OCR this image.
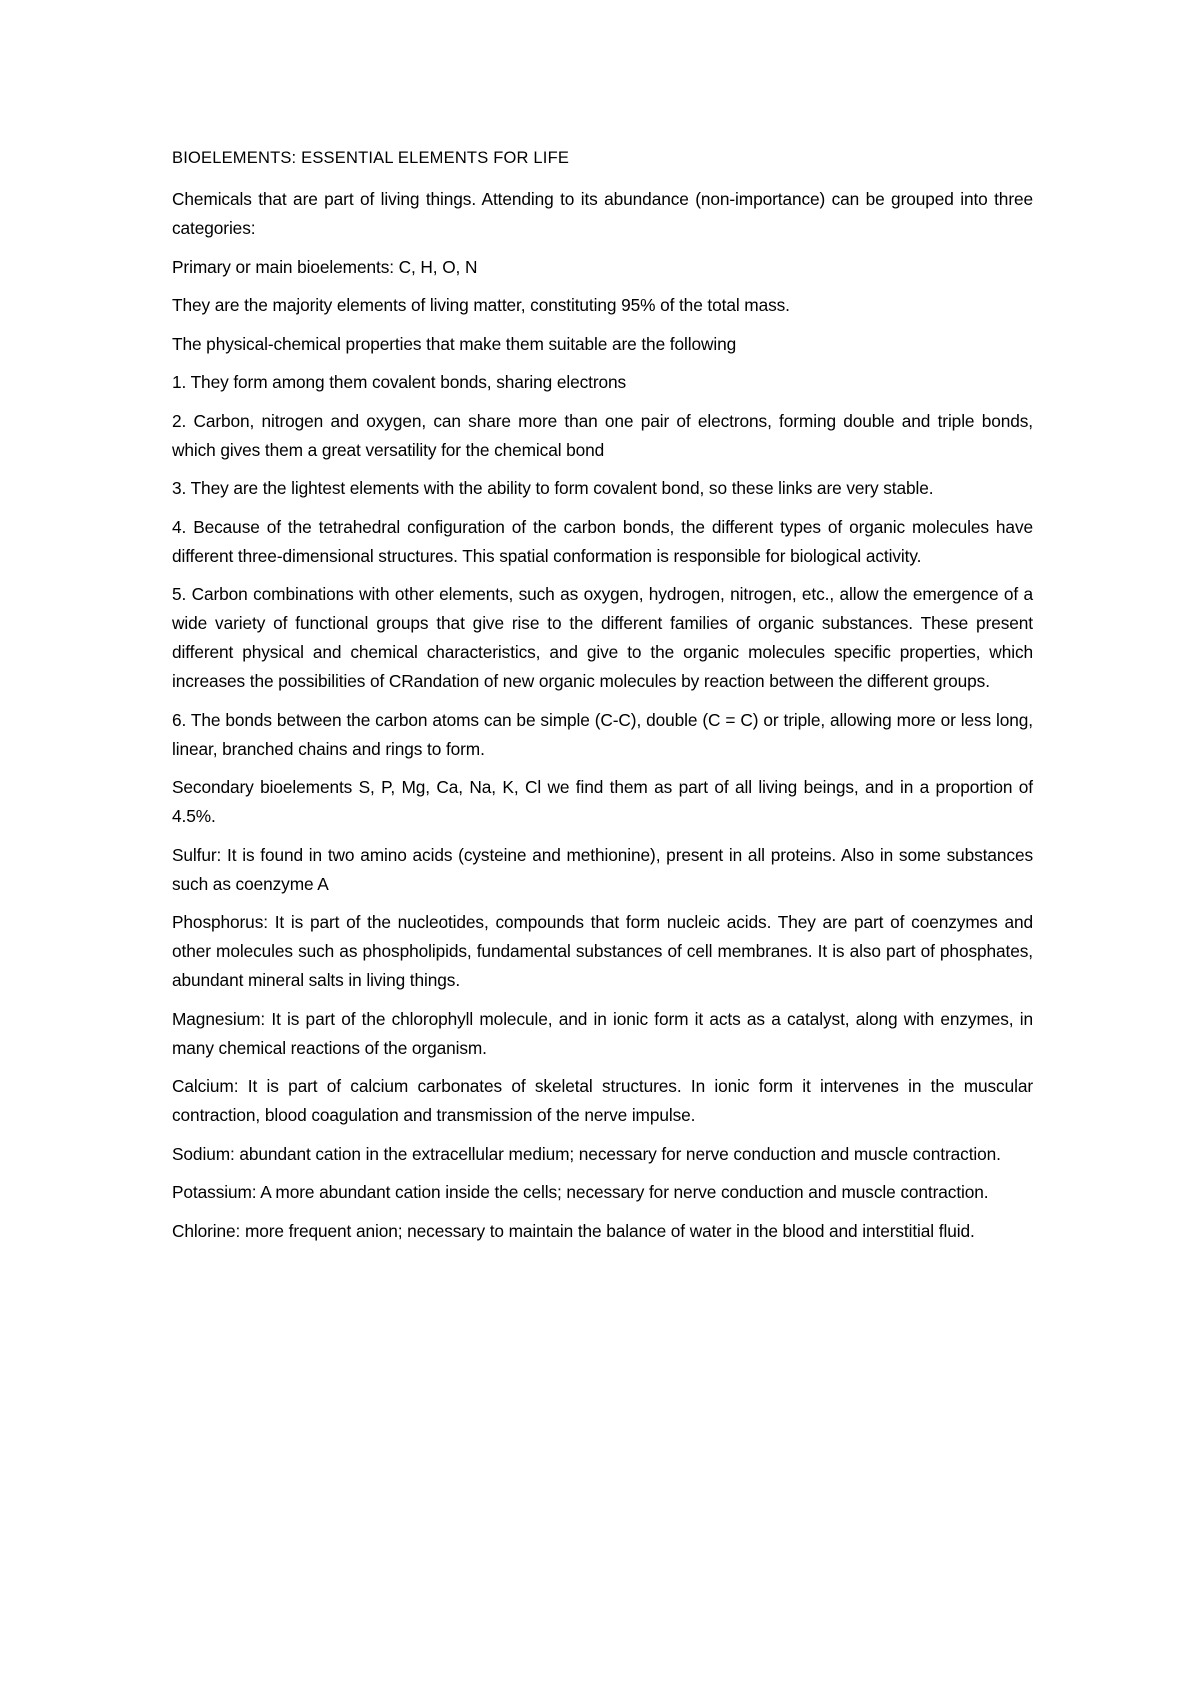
BIOELEMENTS: ESSENTIAL ELEMENTS FOR LIFE

Chemicals that are part of living things. Attending to its abundance (non-importance) can be grouped into three categories:

Primary or main bioelements: C, H, O, N

They are the majority elements of living matter, constituting 95% of the total mass.

The physical-chemical properties that make them suitable are the following

1. They form among them covalent bonds, sharing electrons

2. Carbon, nitrogen and oxygen, can share more than one pair of electrons, forming double and triple bonds, which gives them a great versatility for the chemical bond

3. They are the lightest elements with the ability to form covalent bond, so these links are very stable.

4. Because of the tetrahedral configuration of the carbon bonds, the different types of organic molecules have different three-dimensional structures. This spatial conformation is responsible for biological activity.

5. Carbon combinations with other elements, such as oxygen, hydrogen, nitrogen, etc., allow the emergence of a wide variety of functional groups that give rise to the different families of organic substances. These present different physical and chemical characteristics, and give to the organic molecules specific properties, which increases the possibilities of CRandation of new organic molecules by reaction between the different groups.

6. The bonds between the carbon atoms can be simple (C-C), double (C = C) or triple, allowing more or less long, linear, branched chains and rings to form.

Secondary bioelements S, P, Mg, Ca, Na, K, Cl we find them as part of all living beings, and in a proportion of 4.5%.

Sulfur: It is found in two amino acids (cysteine and methionine), present in all proteins. Also in some substances such as coenzyme A

Phosphorus: It is part of the nucleotides, compounds that form nucleic acids. They are part of coenzymes and other molecules such as phospholipids, fundamental substances of cell membranes. It is also part of phosphates, abundant mineral salts in living things.

Magnesium: It is part of the chlorophyll molecule, and in ionic form it acts as a catalyst, along with enzymes, in many chemical reactions of the organism.

Calcium: It is part of calcium carbonates of skeletal structures. In ionic form it intervenes in the muscular contraction, blood coagulation and transmission of the nerve impulse.

Sodium: abundant cation in the extracellular medium; necessary for nerve conduction and muscle contraction.

Potassium: A more abundant cation inside the cells; necessary for nerve conduction and muscle contraction.

Chlorine: more frequent anion; necessary to maintain the balance of water in the blood and interstitial fluid.
